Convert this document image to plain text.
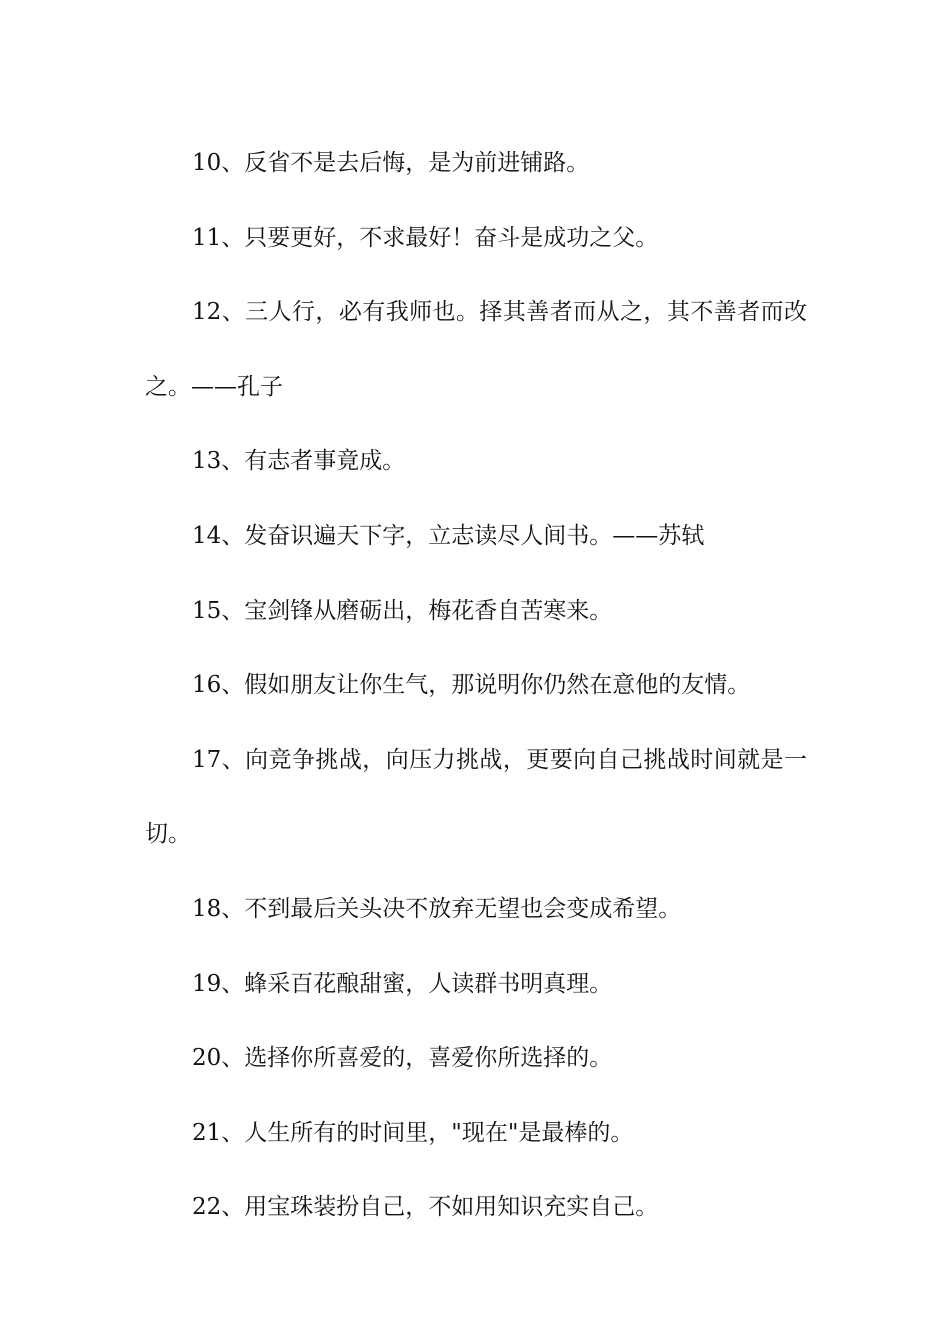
10、反省不是去后悔，是为前进铺路。

11、只要更好，不求最好！奋斗是成功之父。

12、三人行，必有我师也。择其善者而从之，其不善者而改之。——孔子

13、有志者事竟成。

14、发奋识遍天下字，立志读尽人间书。——苏轼

15、宝剑锋从磨砺出，梅花香自苦寒来。

16、假如朋友让你生气，那说明你仍然在意他的友情。

17、向竞争挑战，向压力挑战，更要向自己挑战时间就是一切。

18、不到最后关头决不放弃无望也会变成希望。

19、蜂采百花酿甜蜜，人读群书明真理。

20、选择你所喜爱的，喜爱你所选择的。

21、人生所有的时间里，"现在"是最棒的。

22、用宝珠装扮自己，不如用知识充实自己。
